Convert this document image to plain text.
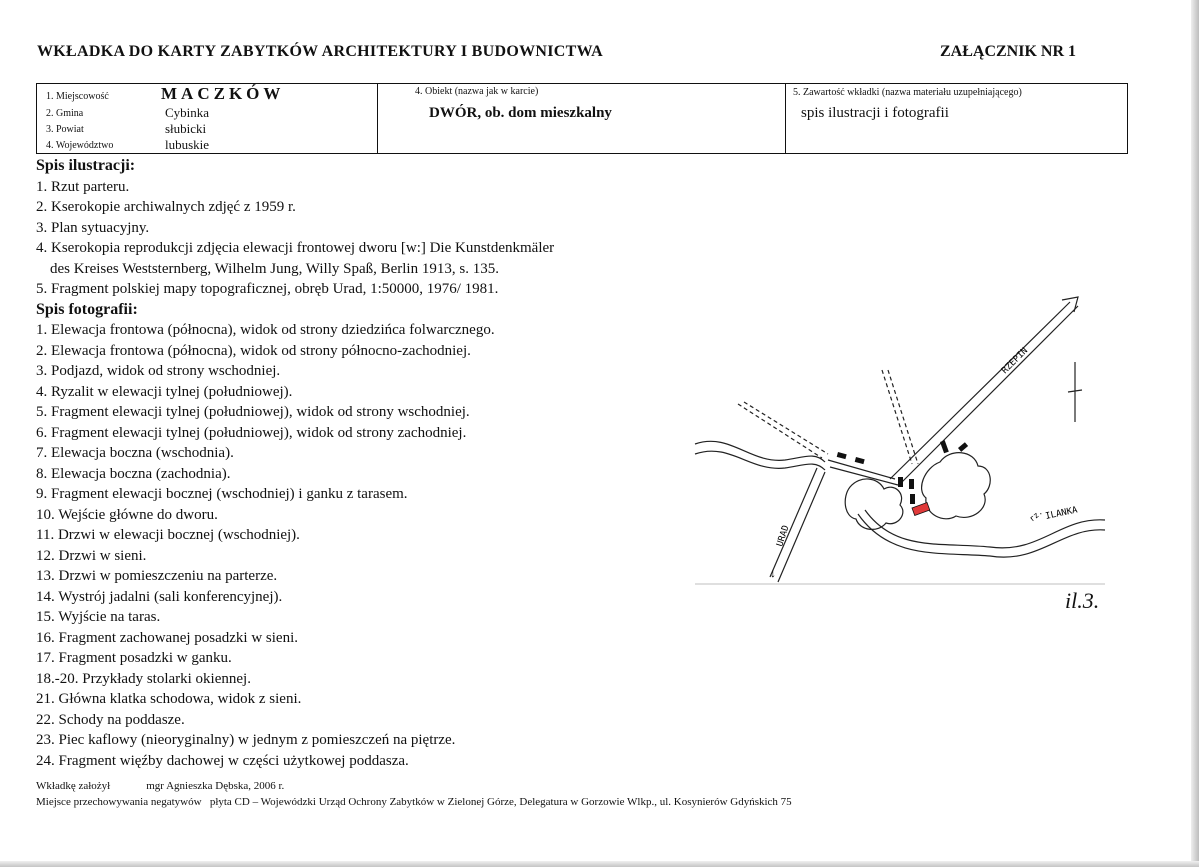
WKŁADKA DO KARTY ZABYTKÓW ARCHITEKTURY I BUDOWNICTWA	ZAŁĄCZNIK NR 1
1. Miejscowość
2. Gmina
3. Powiat
4. Województwo
MACZKÓW
Cybinka
słubicki
lubuskie
4. Obiekt (nazwa jak w karcie)
DWÓR, ob. dom mieszkalny
5. Zawartość wkładki (nazwa materiału uzupełniającego)
spis ilustracji i fotografii
Spis ilustracji:
1. Rzut parteru.
2. Kserokopie archiwalnych zdjęć z 1959 r.
3. Plan sytuacyjny.
4. Kserokopia reprodukcji zdjęcia elewacji frontowej dworu [w:] Die Kunstdenkmäler
des Kreises Weststernberg, Wilhelm Jung, Willy Spaß, Berlin 1913, s. 135.
5. Fragment polskiej mapy topograficznej, obręb Urad, 1:50000, 1976/ 1981.
Spis fotografii:
1. Elewacja frontowa (północna), widok od strony dziedzińca folwarcznego.
2. Elewacja frontowa (północna), widok od strony północno-zachodniej.
3. Podjazd, widok od strony wschodniej.
4. Ryzalit w elewacji tylnej (południowej).
5. Fragment elewacji tylnej (południowej), widok od strony wschodniej.
6. Fragment elewacji tylnej (południowej), widok od strony zachodniej.
7. Elewacja boczna (wschodnia).
8. Elewacja boczna (zachodnia).
9. Fragment elewacji bocznej (wschodniej) i ganku z tarasem.
10. Wejście główne do dworu.
11. Drzwi w elewacji bocznej (wschodniej).
12. Drzwi w sieni.
13. Drzwi w pomieszczeniu na parterze.
14. Wystrój jadalni (sali konferencyjnej).
15. Wyjście na taras.
16. Fragment zachowanej posadzki w sieni.
17. Fragment posadzki w ganku.
18.-20. Przykłady stolarki okiennej.
21. Główna klatka schodowa, widok z sieni.
22. Schody na poddasze.
23. Piec kaflowy (nieoryginalny) w jednym z pomieszczeń na piętrze.
24. Fragment więźby dachowej w części użytkowej poddasza.
RZEPIN
URAD
rz. ILANKA
↓
il.3.
Wkładkę założył	mgr Agnieszka Dębska, 2006 r.
Miejsce przechowywania negatywów płyta CD – Wojewódzki Urząd Ochrony Zabytków w Zielonej Górze, Delegatura w Gorzowie Wlkp., ul. Kosynierów Gdyńskich 75
